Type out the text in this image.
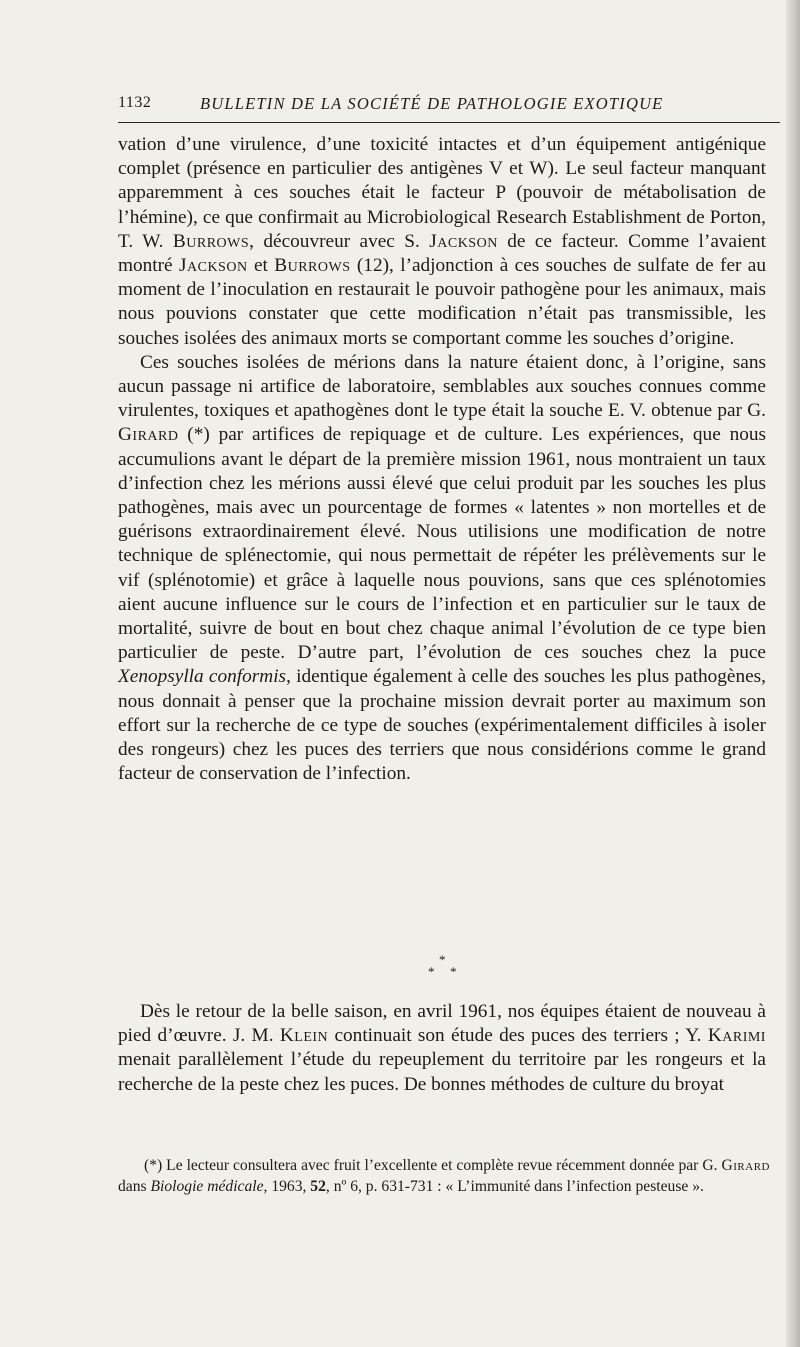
1132	BULLETIN DE LA SOCIÉTÉ DE PATHOLOGIE EXOTIQUE

vation d’une virulence, d’une toxicité intactes et d’un équipement antigénique complet (présence en particulier des antigènes V et W). Le seul facteur manquant apparemment à ces souches était le facteur P (pouvoir de métabolisation de l’hémine), ce que confirmait au Microbiological Research Establishment de Porton, T. W. Burrows, découvreur avec S. Jackson de ce facteur. Comme l’avaient montré Jackson et Burrows (12), l’adjonction à ces souches de sulfate de fer au moment de l’inoculation en restaurait le pouvoir pathogène pour les animaux, mais nous pouvions constater que cette modification n’était pas transmissible, les souches isolées des animaux morts se comportant comme les souches d’origine.

Ces souches isolées de mérions dans la nature étaient donc, à l’origine, sans aucun passage ni artifice de laboratoire, semblables aux souches connues comme virulentes, toxiques et apathogènes dont le type était la souche E. V. obtenue par G. Girard (*) par artifices de repiquage et de culture. Les expériences, que nous accumulions avant le départ de la première mission 1961, nous montraient un taux d’infection chez les mérions aussi élevé que celui produit par les souches les plus pathogènes, mais avec un pourcentage de formes « latentes » non mortelles et de guérisons extraordinairement élevé. Nous utilisions une modification de notre technique de splénectomie, qui nous permettait de répéter les prélèvements sur le vif (splénotomie) et grâce à laquelle nous pouvions, sans que ces splénotomies aient aucune influence sur le cours de l’infection et en particulier sur le taux de mortalité, suivre de bout en bout chez chaque animal l’évolution de ce type bien particulier de peste. D’autre part, l’évolution de ces souches chez la puce Xenopsylla conformis, identique également à celle des souches les plus pathogènes, nous donnait à penser que la prochaine mission devrait porter au maximum son effort sur la recherche de ce type de souches (expérimentalement difficiles à isoler des rongeurs) chez les puces des terriers que nous considérions comme le grand facteur de conservation de l’infection.

*
* *

Dès le retour de la belle saison, en avril 1961, nos équipes étaient de nouveau à pied d’œuvre. J. M. Klein continuait son étude des puces des terriers ; Y. Karimi menait parallèlement l’étude du repeuplement du territoire par les rongeurs et la recherche de la peste chez les puces. De bonnes méthodes de culture du broyat

(*) Le lecteur consultera avec fruit l’excellente et complète revue récemment donnée par G. Girard dans Biologie médicale, 1963, 52, nº 6, p. 631-731 : « L’immunité dans l’infection pesteuse ».
